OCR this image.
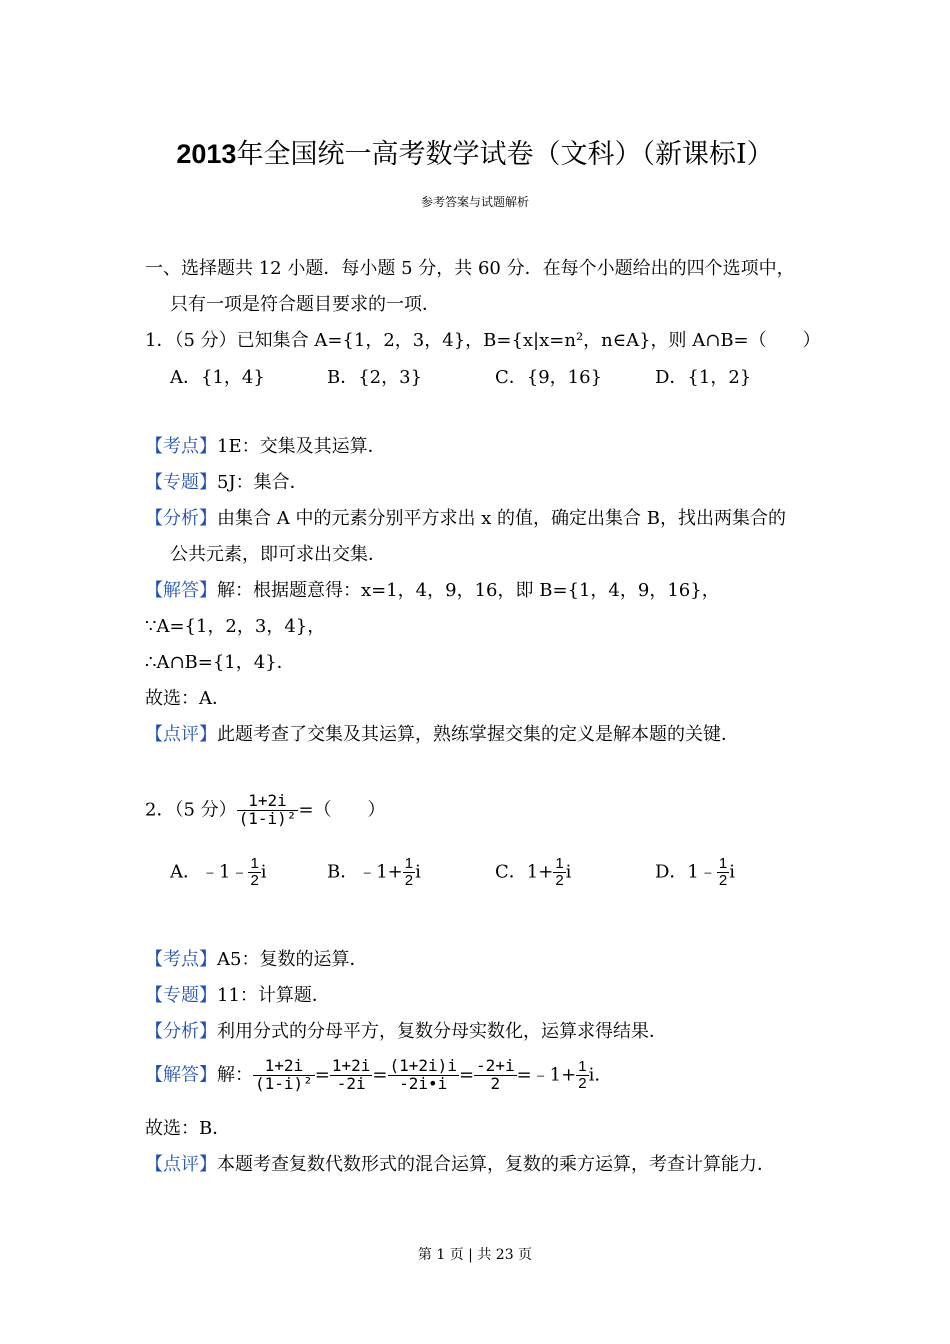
2013年全国统一高考数学试卷（文科）（新课标Ⅰ）
参考答案与试题解析
一、选择题共 12 小题．每小题 5 分，共 60 分．在每个小题给出的四个选项中，
只有一项是符合题目要求的一项．
1．（5 分）已知集合 A={1，2，3，4}，B={x|x=n²，n∈A}，则 A∩B=（　　）
A．{1，4}	B．{2，3}	C．{9，16}	D．{1，2}
【考点】1E：交集及其运算．
【专题】5J：集合．
【分析】由集合 A 中的元素分别平方求出 x 的值，确定出集合 B，找出两集合的
公共元素，即可求出交集．
【解答】解：根据题意得：x=1，4，9，16，即 B={1，4，9，16}，
∵A={1，2，3，4}，
∴A∩B={1，4}．
故选：A．
【点评】此题考查了交集及其运算，熟练掌握交集的定义是解本题的关键．
2．（5 分） $\frac{1+2i}{\text{(1-i)²}}$ =（　　）
A．﹣1﹣ $\frac{1}{2}$ i	B．﹣1+ $\frac{1}{2}$ i	C．$1+ \frac{1}{2}$ i	D．1﹣ $\frac{1}{2}$ i
【考点】A5：复数的运算．
【专题】11：计算题．
【分析】利用分式的分母平方，复数分母实数化，运算求得结果．
【解答】解： $\frac{1+2i}{\text{(1-i)²}} = \frac{1+2i}{-2i} = \frac{(1+2i)i}{-2i•i} = \frac{-2+i}{2}$ =﹣1+ $\frac{1}{2} i$.
故选：B．
【点评】本题考查复数代数形式的混合运算，复数的乘方运算，考查计算能力．
第 1 页 | 共 23 页
